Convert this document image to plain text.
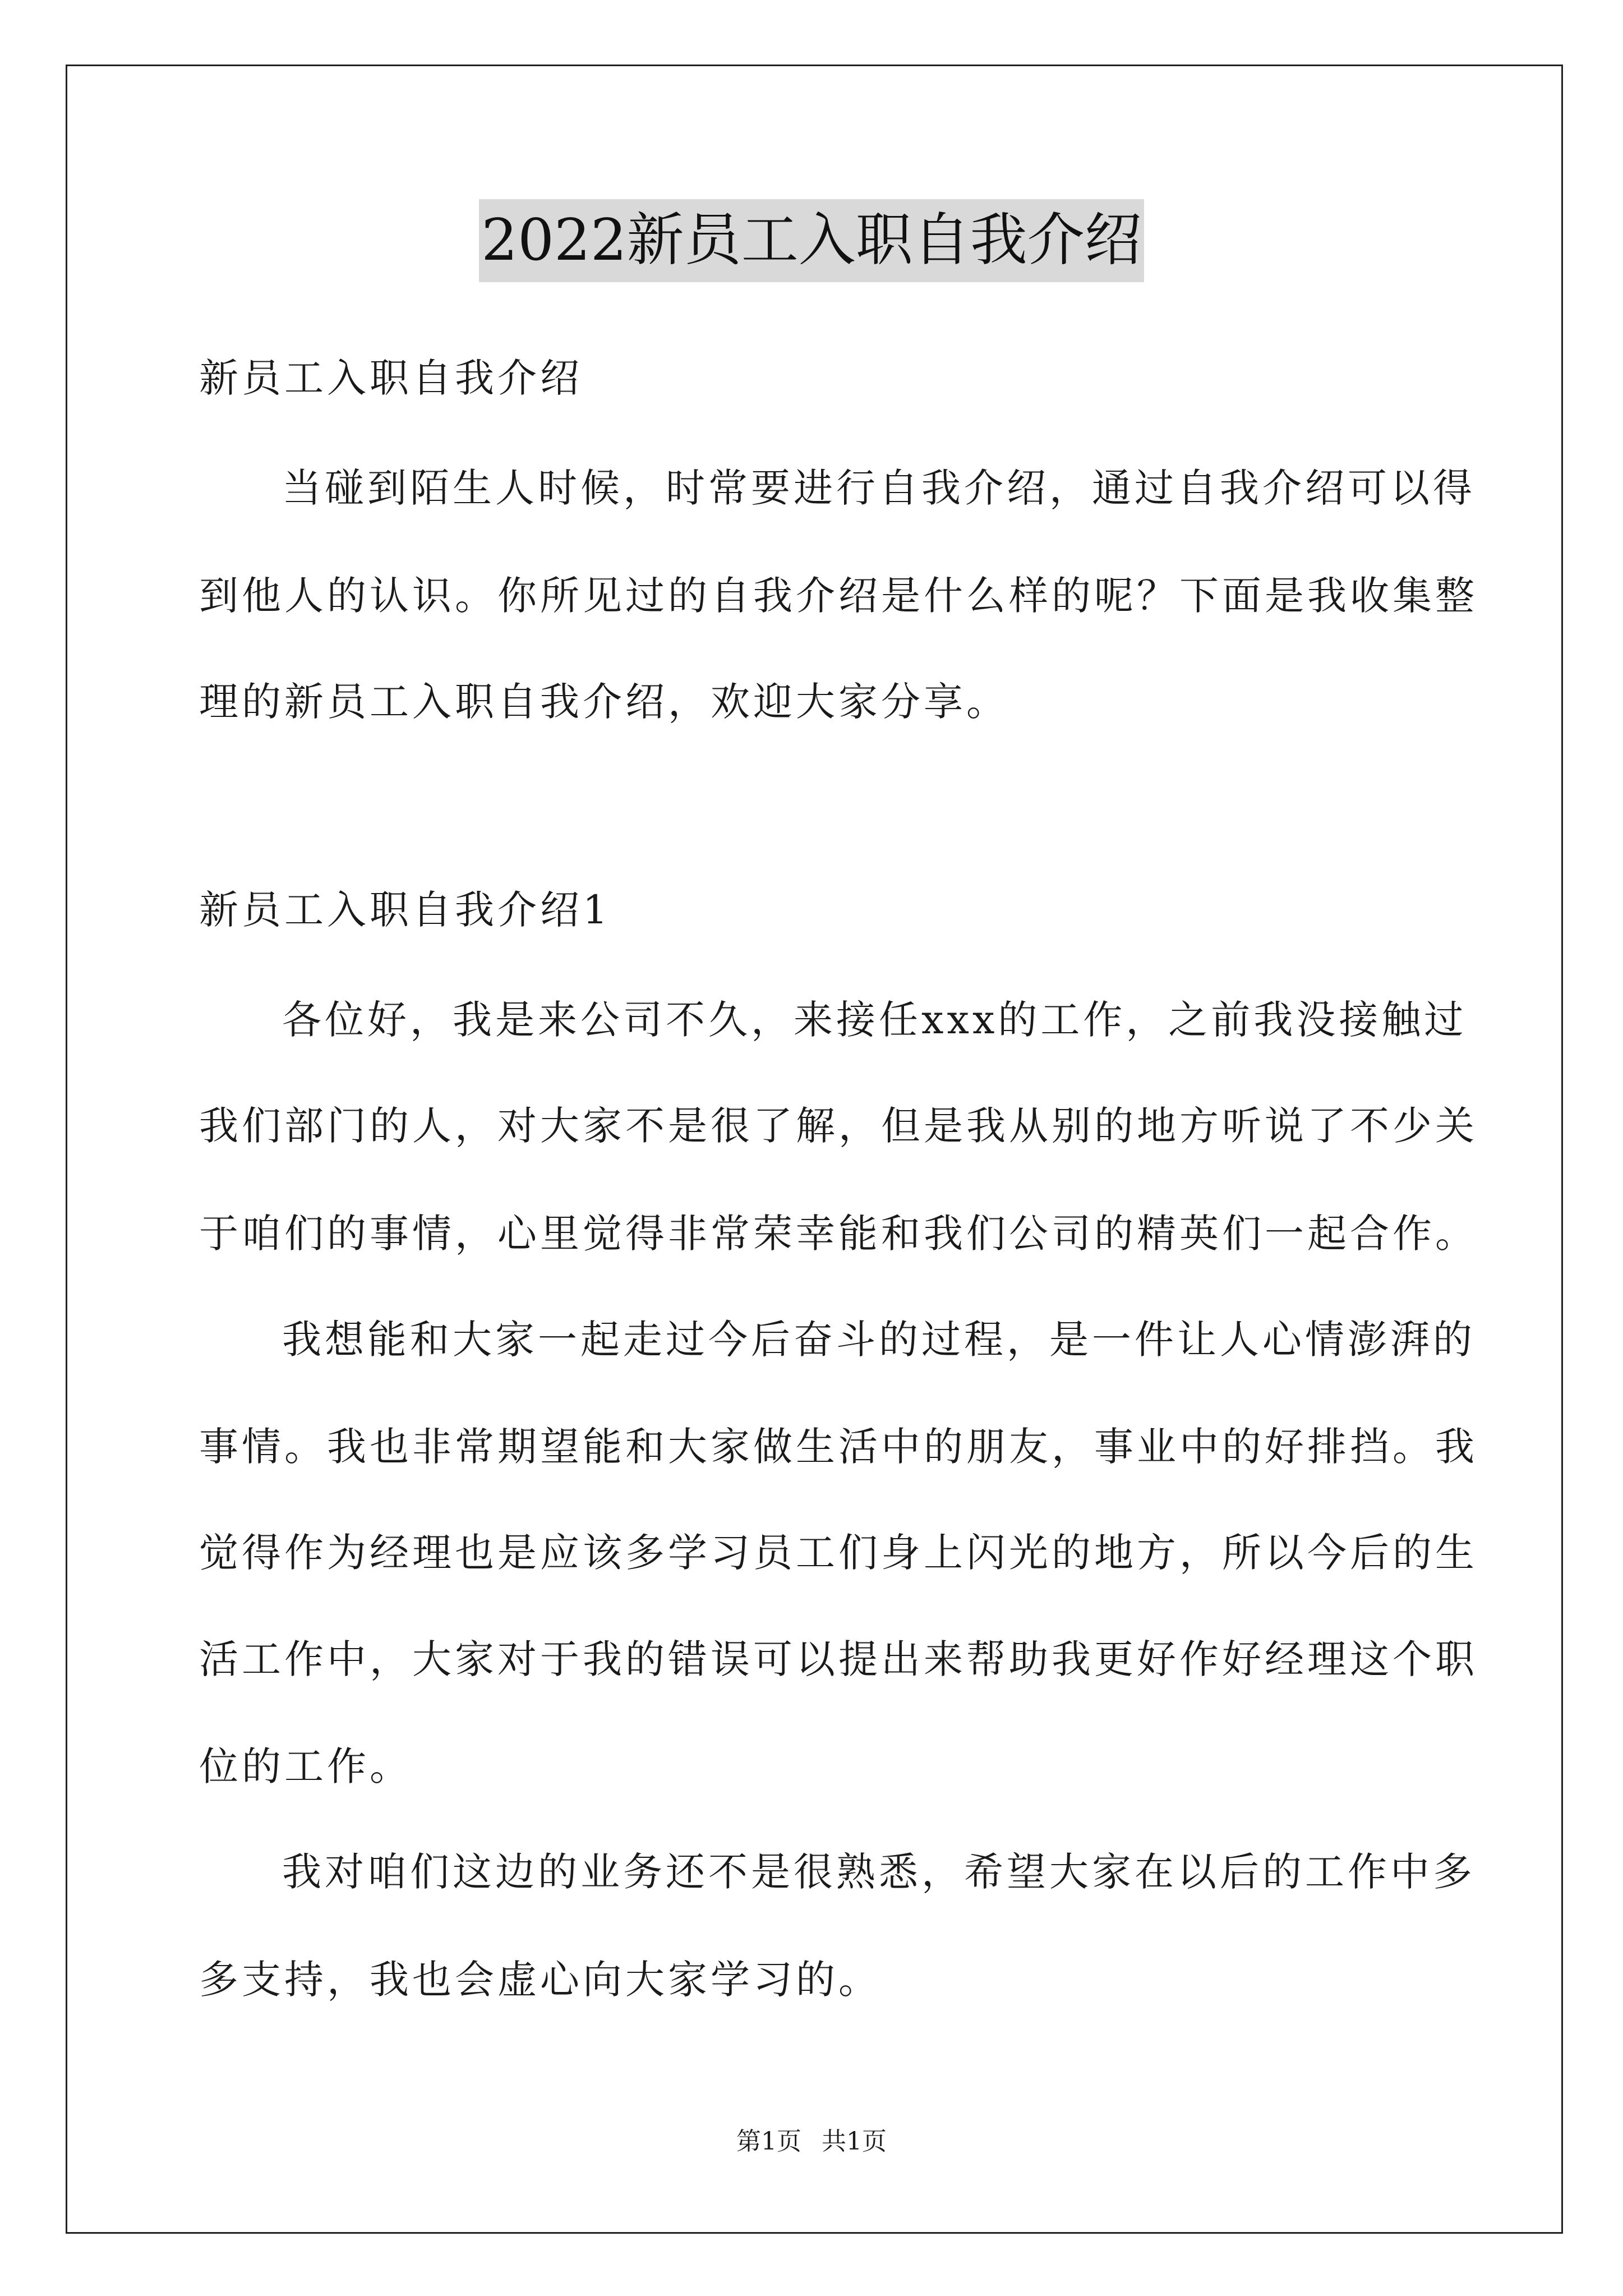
2022新员工入职自我介绍
新员工入职自我介绍
当碰到陌生人时候，时常要进行自我介绍，通过自我介绍可以得
到他人的认识。你所见过的自我介绍是什么样的呢？下面是我收集整
理的新员工入职自我介绍，欢迎大家分享。
新员工入职自我介绍1
各位好，我是来公司不久，来接任xxx的工作，之前我没接触过
我们部门的人，对大家不是很了解，但是我从别的地方听说了不少关
于咱们的事情，心里觉得非常荣幸能和我们公司的精英们一起合作。
我想能和大家一起走过今后奋斗的过程，是一件让人心情澎湃的
事情。我也非常期望能和大家做生活中的朋友，事业中的好排挡。我
觉得作为经理也是应该多学习员工们身上闪光的地方，所以今后的生
活工作中，大家对于我的错误可以提出来帮助我更好作好经理这个职
位的工作。
我对咱们这边的业务还不是很熟悉，希望大家在以后的工作中多
多支持，我也会虚心向大家学习的。
第1页 共1页
